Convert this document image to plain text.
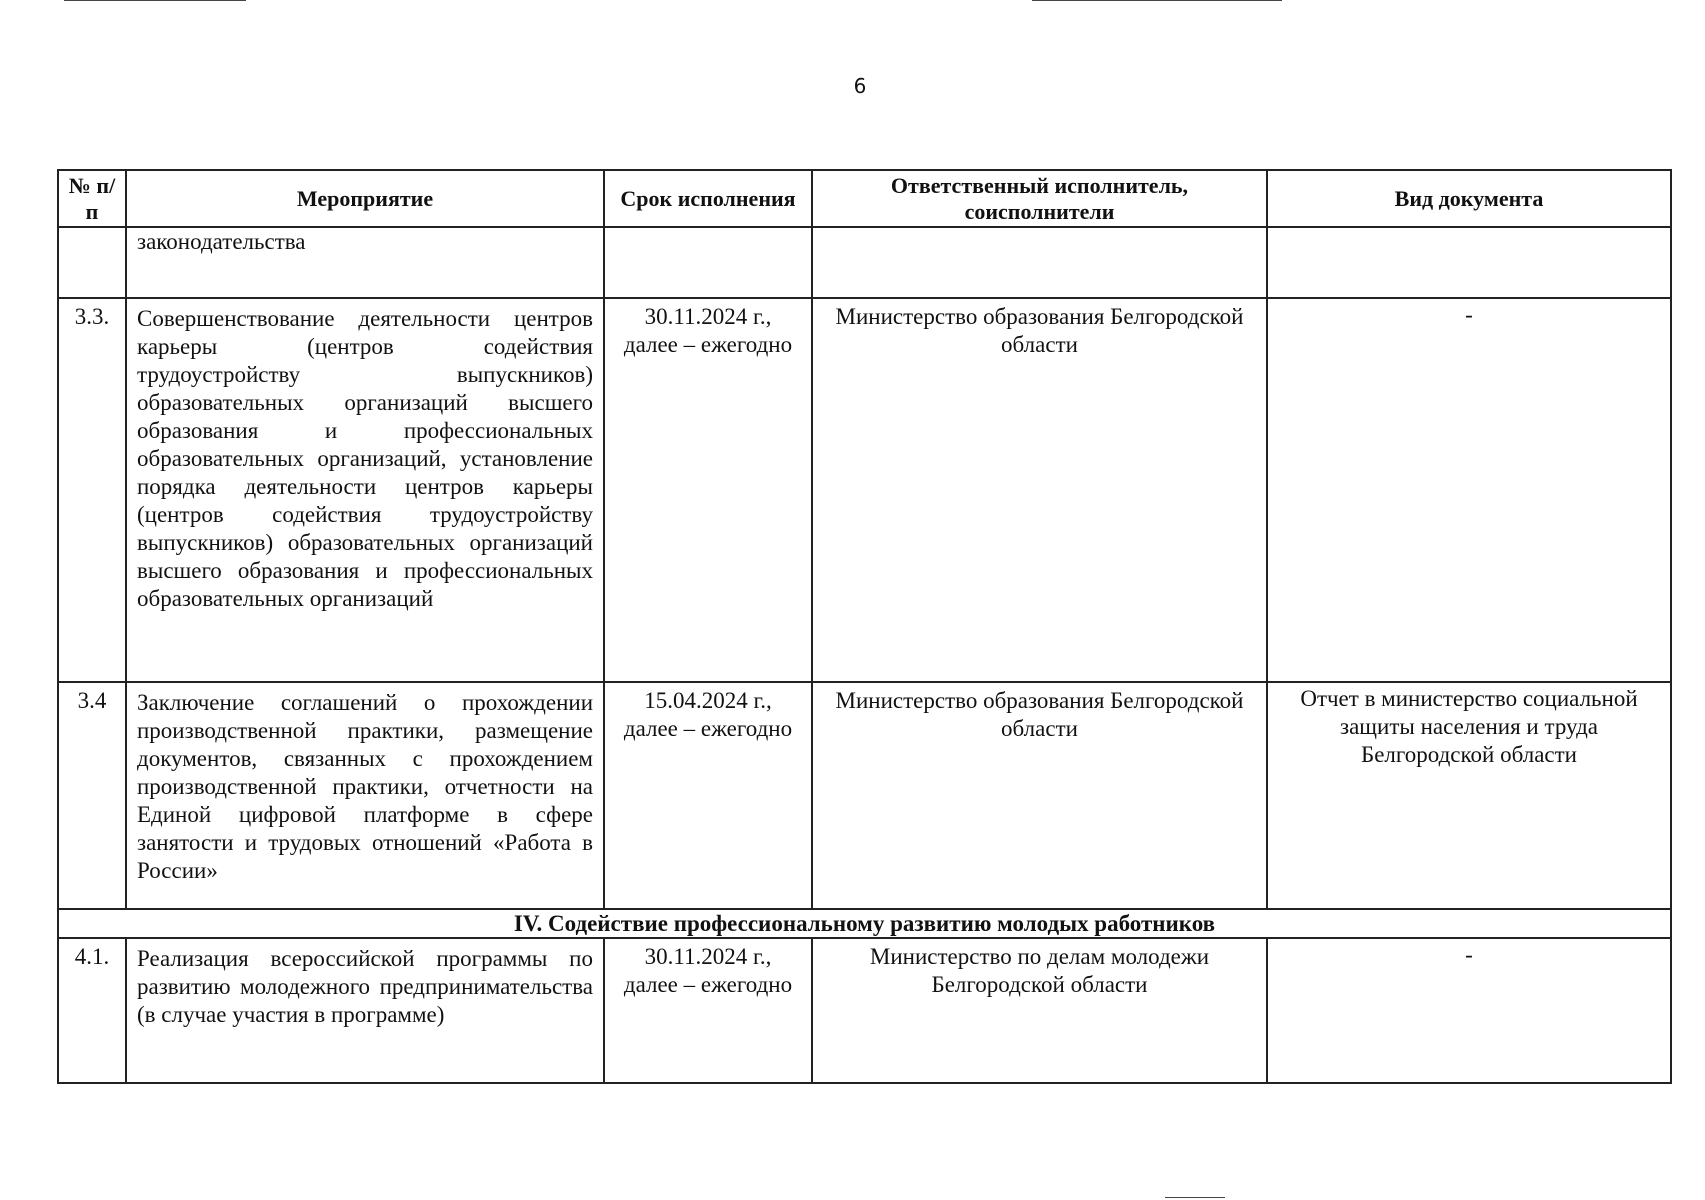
6
№ п/п	Мероприятие	Срок исполнения	Ответственный исполнитель, соисполнители	Вид документа
	законодательства			
3.3.	Совершенствование деятельности центров карьеры (центров содействия трудоустройству выпускников) образовательных организаций высшего образования и профессиональных образовательных организаций, установление порядка деятельности центров карьеры (центров содействия трудоустройству выпускников) образовательных организаций высшего образования и профессиональных образовательных организаций	30.11.2024 г., далее – ежегодно	Министерство образования Белгородской области	-
3.4	Заключение соглашений о прохождении производственной практики, размещение документов, связанных с прохождением производственной практики, отчетности на Единой цифровой платформе в сфере занятости и трудовых отношений «Работа в России»	15.04.2024 г., далее – ежегодно	Министерство образования Белгородской области	Отчет в министерство социальной защиты населения и труда Белгородской области
IV. Содействие профессиональному развитию молодых работников				
4.1.	Реализация всероссийской программы по развитию молодежного предпринимательства (в случае участия в программе)	30.11.2024 г., далее – ежегодно	Министерство по делам молодежи Белгородской области	-
